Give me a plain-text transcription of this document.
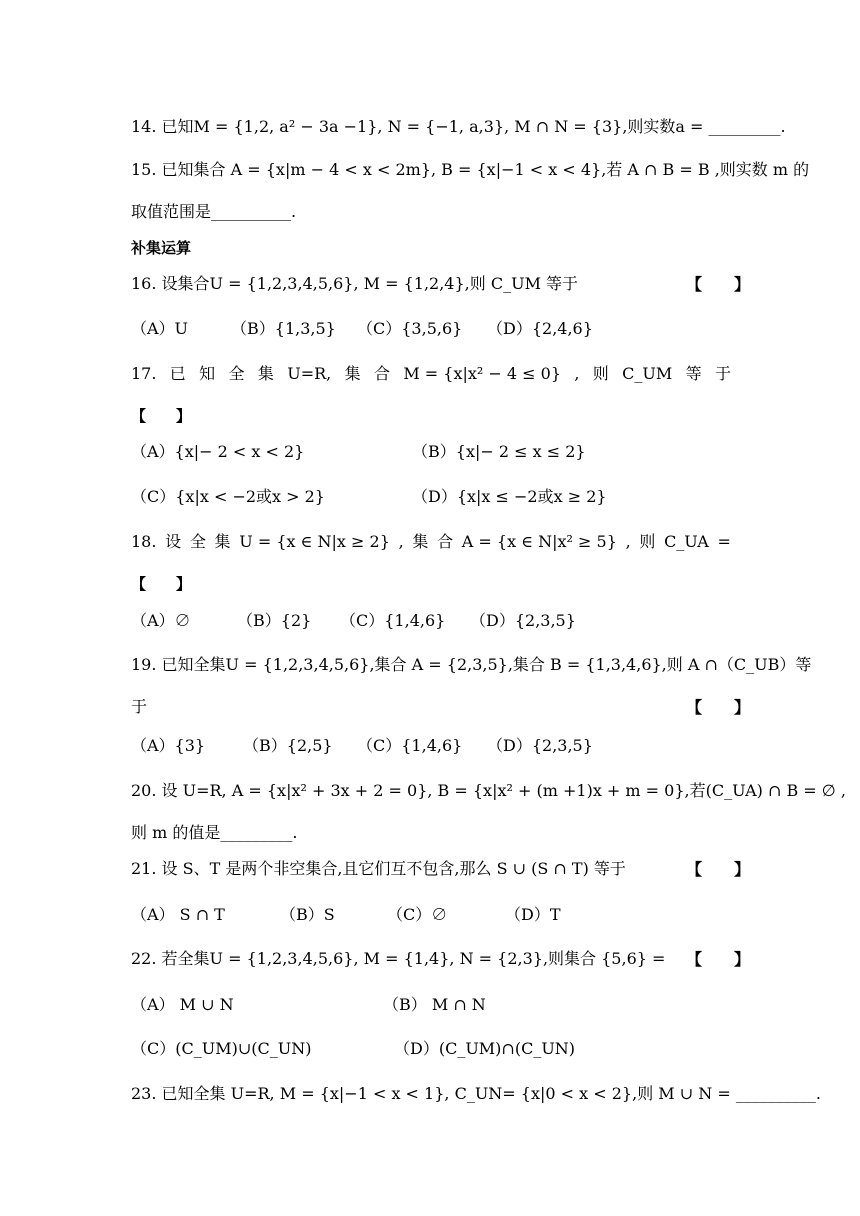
14. 已知M = {1,2, a² − 3a −1}, N = {−1, a,3}, M ∩ N = {3},则实数a = _________.
15. 已知集合 A = {x|m − 4 < x < 2m}, B = {x|−1 < x < 4},若 A ∩ B = B ,则实数 m 的
取值范围是__________.
补集运算
16. 设集合U = {1,2,3,4,5,6}, M = {1,2,4},则 C_UM 等于	【　　】
（A）U	（B）{1,3,5} （C）{3,5,6} （D）{2,4,6}
17. 已 知 全 集 U=R, 集 合 M = {x|x² − 4 ≤ 0} , 则 C_UM 等 于
【　　】
（A）{x|− 2 < x < 2}	（B）{x|− 2 ≤ x ≤ 2}
（C）{x|x < −2或x > 2}	（D）{x|x ≤ −2或x ≥ 2}
18. 设 全 集 U = {x ∈ N|x ≥ 2} , 集 合 A = {x ∈ N|x² ≥ 5} , 则 C_UA =
【　　】
（A）∅	（B）{2} （C）{1,4,6} （D）{2,3,5}
19. 已知全集U = {1,2,3,4,5,6},集合 A = {2,3,5},集合 B = {1,3,4,6},则 A ∩（C_UB）等
于	【　　】
（A）{3} （B）{2,5} （C）{1,4,6} （D）{2,3,5}
20. 设 U=R, A = {x|x² + 3x + 2 = 0}, B = {x|x² + (m +1)x + m = 0},若(C_UA) ∩ B = ∅ ,
则 m 的值是_________.
21. 设 S、T 是两个非空集合,且它们互不包含,那么 S ∪ (S ∩ T) 等于	【　　】
（A） S ∩ T	（B）S	（C）∅	（D）T
22. 若全集U = {1,2,3,4,5,6}, M = {1,4}, N = {2,3},则集合 {5,6} = 【　　】
（A） M ∪ N	（B） M ∩ N
（C）(C_UM)∪(C_UN)	（D）(C_UM)∩(C_UN)
23. 已知全集 U=R, M = {x|−1 < x < 1}, C_UN= {x|0 < x < 2},则 M ∪ N = __________.
